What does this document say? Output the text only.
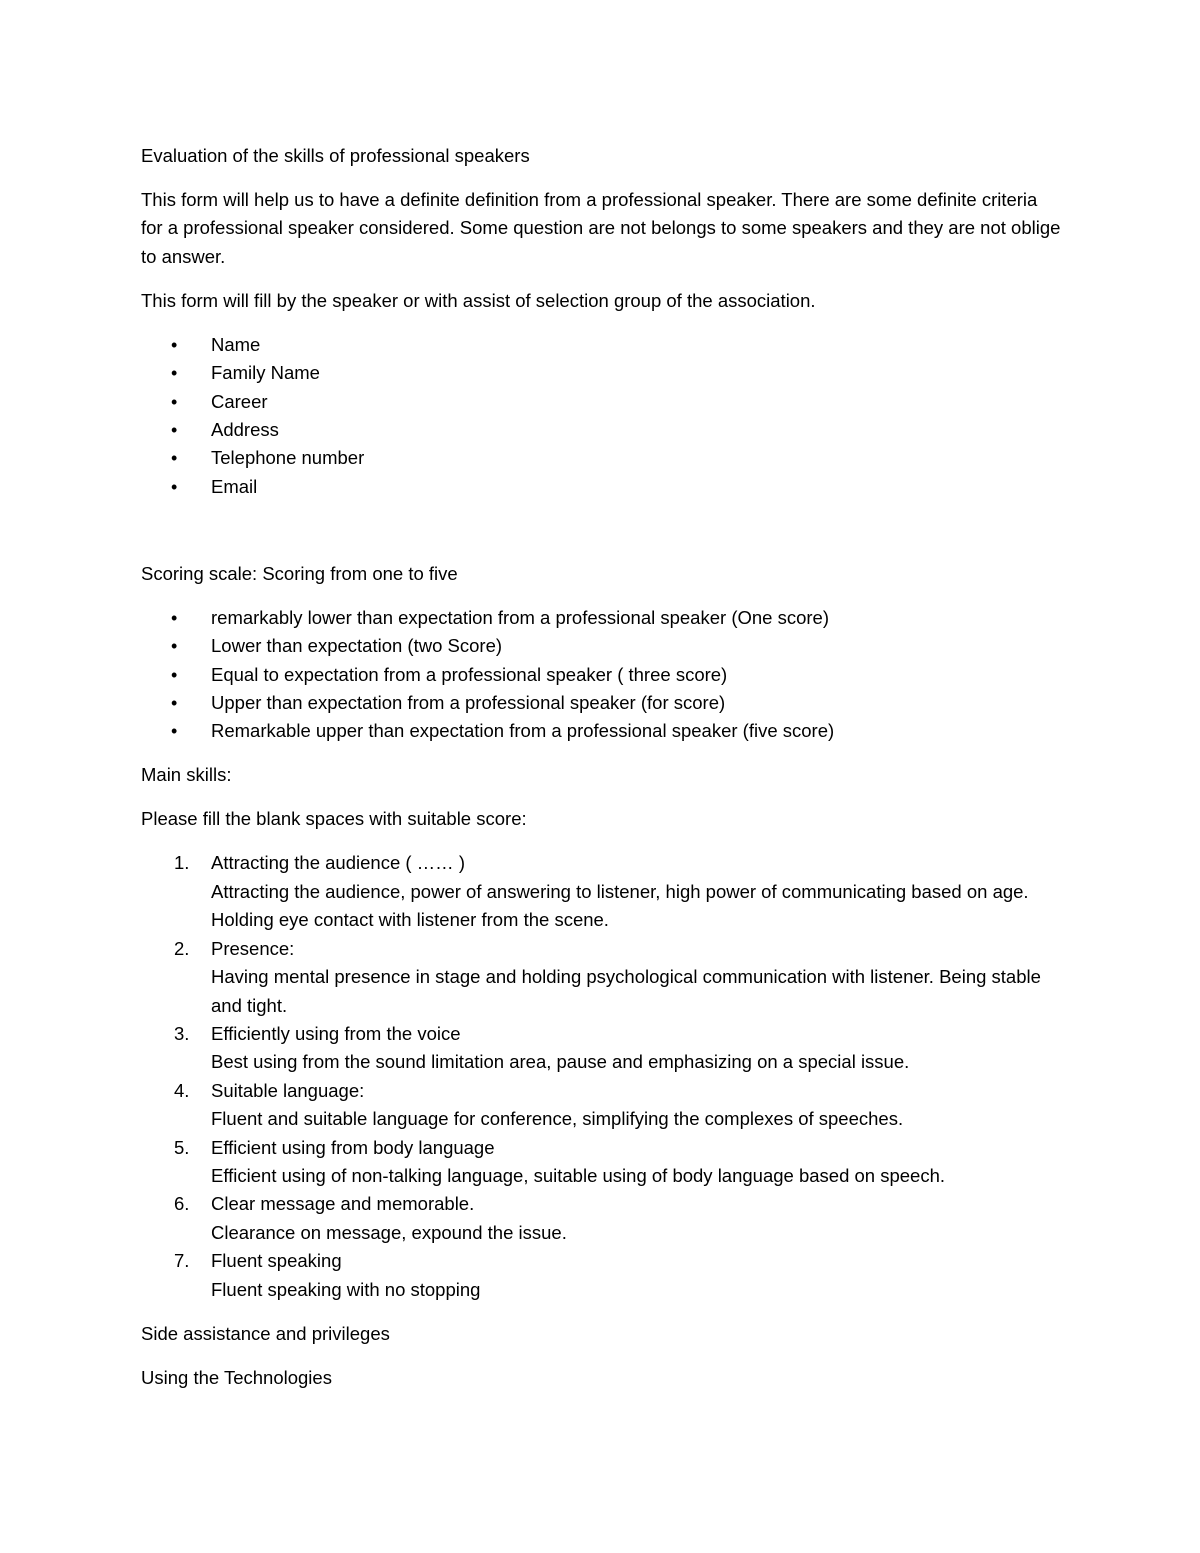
Evaluation of the skills of professional speakers

This form will help us to have a definite definition from a professional speaker. There are some definite criteria for a professional speaker considered. Some question are not belongs to some speakers and they are not oblige to answer.

This form will fill by the speaker or with assist of selection group of the association.

• Name
• Family Name
• Career
• Address
• Telephone number
• Email

Scoring scale: Scoring from one to five

• remarkably lower than expectation from a professional speaker (One score)
• Lower than expectation (two Score)
• Equal to expectation from a professional speaker ( three score)
• Upper than expectation from a professional speaker (for score)
• Remarkable upper than expectation from a professional speaker (five score)

Main skills:

Please fill the blank spaces with suitable score:

1. Attracting the audience ( …… )
Attracting the audience, power of answering to listener, high power of communicating based on age. Holding eye contact with listener from the scene.
2. Presence:
Having mental presence in stage and holding psychological communication with listener. Being stable and tight.
3. Efficiently using from the voice
Best using from the sound limitation area, pause and emphasizing on a special issue.
4. Suitable language:
Fluent and suitable language for conference, simplifying the complexes of speeches.
5. Efficient using from body language
Efficient using of non-talking language, suitable using of body language based on speech.
6. Clear message and memorable.
Clearance on message, expound the issue.
7. Fluent speaking
Fluent speaking with no stopping

Side assistance and privileges

Using the Technologies
